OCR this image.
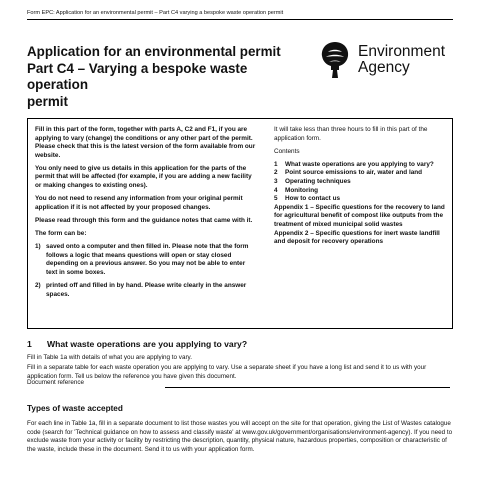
Form EPC: Application for an environmental permit – Part C4 varying a bespoke waste operation permit
Application for an environmental permit
Part C4 – Varying a bespoke waste operation
permit
Environment
Agency

Fill in this part of the form, together with parts A, C2 and F1, if you are applying to vary (change) the conditions or any other part of the permit. Please check that this is the latest version of the form available from our website.

You only need to give us details in this application for the parts of the permit that will be affected (for example, if you are adding a new facility or making changes to existing ones).

You do not need to resend any information from your original permit application if it is not affected by your proposed changes.

Please read through this form and the guidance notes that came with it.

The form can be:

1) saved onto a computer and then filled in. Please note that the form follows a logic that means questions will open or stay closed depending on a previous answer. So you may not be able to enter text in some boxes.

2) printed off and filled in by hand. Please write clearly in the answer spaces.

It will take less than three hours to fill in this part of the application form.
Contents
1	What waste operations are you applying to vary?
2	Point source emissions to air, water and land
3	Operating techniques
4	Monitoring
5	How to contact us
Appendix 1 – Specific questions for the recovery to land for agricultural benefit of compost like outputs from the treatment of mixed municipal solid wastes
Appendix 2 – Specific questions for inert waste landfill and deposit for recovery operations
1 What waste operations are you applying to vary?
Fill in Table 1a with details of what you are applying to vary.
Fill in a separate table for each waste operation you are applying to vary. Use a separate sheet if you have a long list and send it to us with your application form. Tell us below the reference you have given this document.
Document reference
Types of waste accepted
For each line in Table 1a, fill in a separate document to list those wastes you will accept on the site for that operation, giving the List of Wastes catalogue code (search for 'Technical guidance on how to assess and classify waste' at www.gov.uk/government/organisations/environment-agency). If you need to exclude waste from your activity or facility by restricting the description, quantity, physical nature, hazardous properties, composition or characteristic of the waste, include these in the document. Send it to us with your application form.
